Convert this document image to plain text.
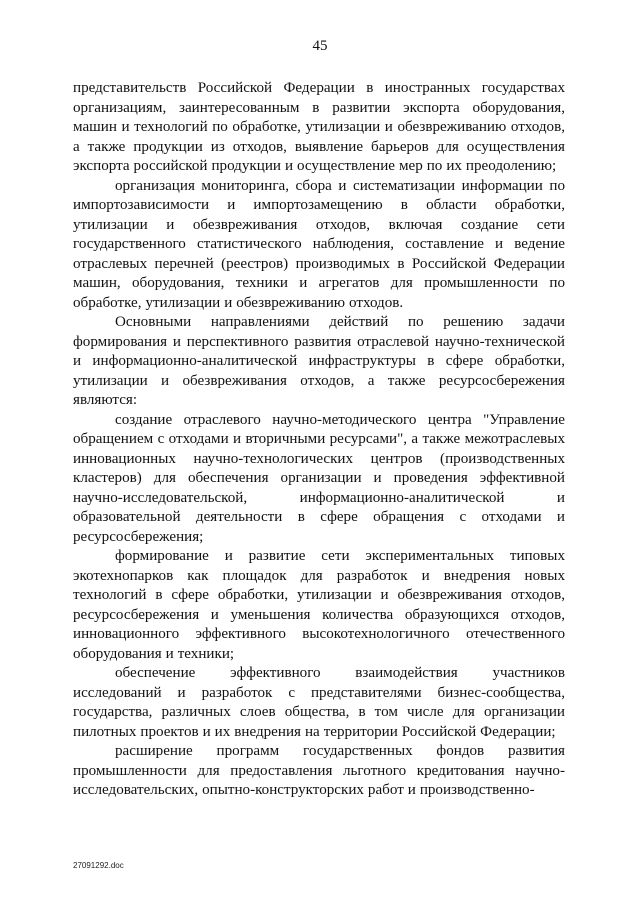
45

представительств Российской Федерации в иностранных государствах организациям, заинтересованным в развитии экспорта оборудования, машин и технологий по обработке, утилизации и обезвреживанию отходов, а также продукции из отходов, выявление барьеров для осуществления экспорта российской продукции и осуществление мер по их преодолению;

организация мониторинга, сбора и систематизации информации по импортозависимости и импортозамещению в области обработки, утилизации и обезвреживания отходов, включая создание сети государственного статистического наблюдения, составление и ведение отраслевых перечней (реестров) производимых в Российской Федерации машин, оборудования, техники и агрегатов для промышленности по обработке, утилизации и обезвреживанию отходов.

Основными направлениями действий по решению задачи формирования и перспективного развития отраслевой научно-технической и информационно-аналитической инфраструктуры в сфере обработки, утилизации и обезвреживания отходов, а также ресурсосбережения являются:

создание отраслевого научно-методического центра "Управление обращением с отходами и вторичными ресурсами", а также межотраслевых инновационных научно-технологических центров (производственных кластеров) для обеспечения организации и проведения эффективной научно-исследовательской, информационно-аналитической и образовательной деятельности в сфере обращения с отходами и ресурсосбережения;

формирование и развитие сети экспериментальных типовых экотехнопарков как площадок для разработок и внедрения новых технологий в сфере обработки, утилизации и обезвреживания отходов, ресурсосбережения и уменьшения количества образующихся отходов, инновационного эффективного высокотехнологичного отечественного оборудования и техники;

обеспечение эффективного взаимодействия участников исследований и разработок с представителями бизнес-сообщества, государства, различных слоев общества, в том числе для организации пилотных проектов и их внедрения на территории Российской Федерации;

расширение программ государственных фондов развития промышленности для предоставления льготного кредитования научно-исследовательских, опытно-конструкторских работ и производственно-

27091292.doc
